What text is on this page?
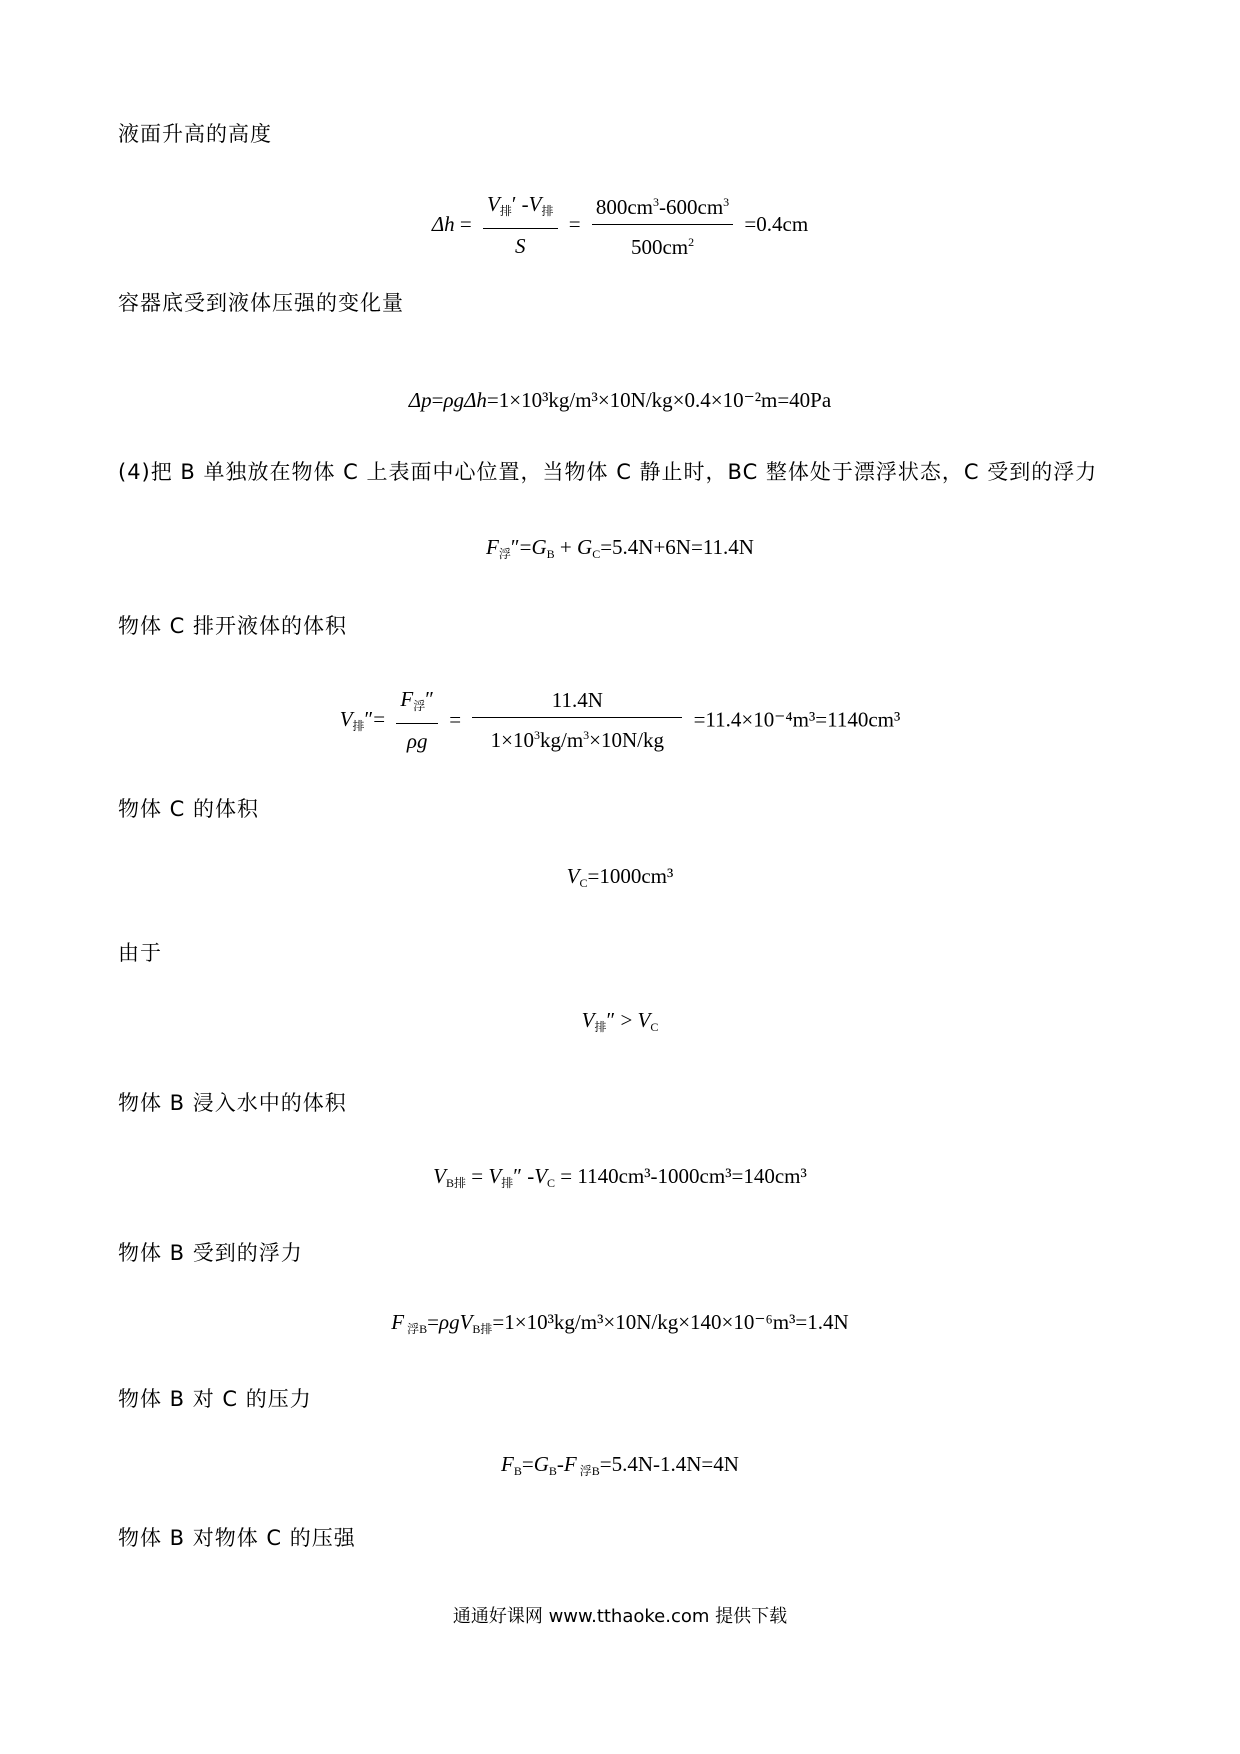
液面升高的高度
$\Delta h = \frac{V_排' -V_排}{S} = \frac{800cm^3-600cm^3}{500cm^2} =0.4cm$
容器底受到液体压强的变化量
Δp=ρgΔh=1×10³kg/m³×10N/kg×0.4×10⁻²m=40Pa
(4)把 B 单独放在物体 C 上表面中心位置，当物体 C 静止时，BC 整体处于漂浮状态，C 受到的浮力
$F_浮''=G_B + G_C=5.4N+6N=11.4N$
物体 C 排开液体的体积
$V_排''= \frac{F_浮''}{\rho g} = \frac{11.4N}{1\times 10^3kg/m^3\times 10N/kg} =11.4\times 10^{-4}m^3=1140cm^3$
物体 C 的体积
$V_C=1000cm^3$
由于
$V_排'' > V_C$
物体 B 浸入水中的体积
$V_{B排} = V_排''$ $-V_C = 1140cm^3-1000cm^3=140cm^3$
物体 B 受到的浮力
F $_{浮B}$=ρgV$_{B排}$=1×10³kg/m³×10N/kg×140×10⁻⁶m³=1.4N
物体 B 对 C 的压力
$F_B=G_B-F$ $_{浮B}$=5.4N-1.4N=4N
物体 B 对物体 C 的压强
通通好课网 www.tthaoke.com 提供下载
